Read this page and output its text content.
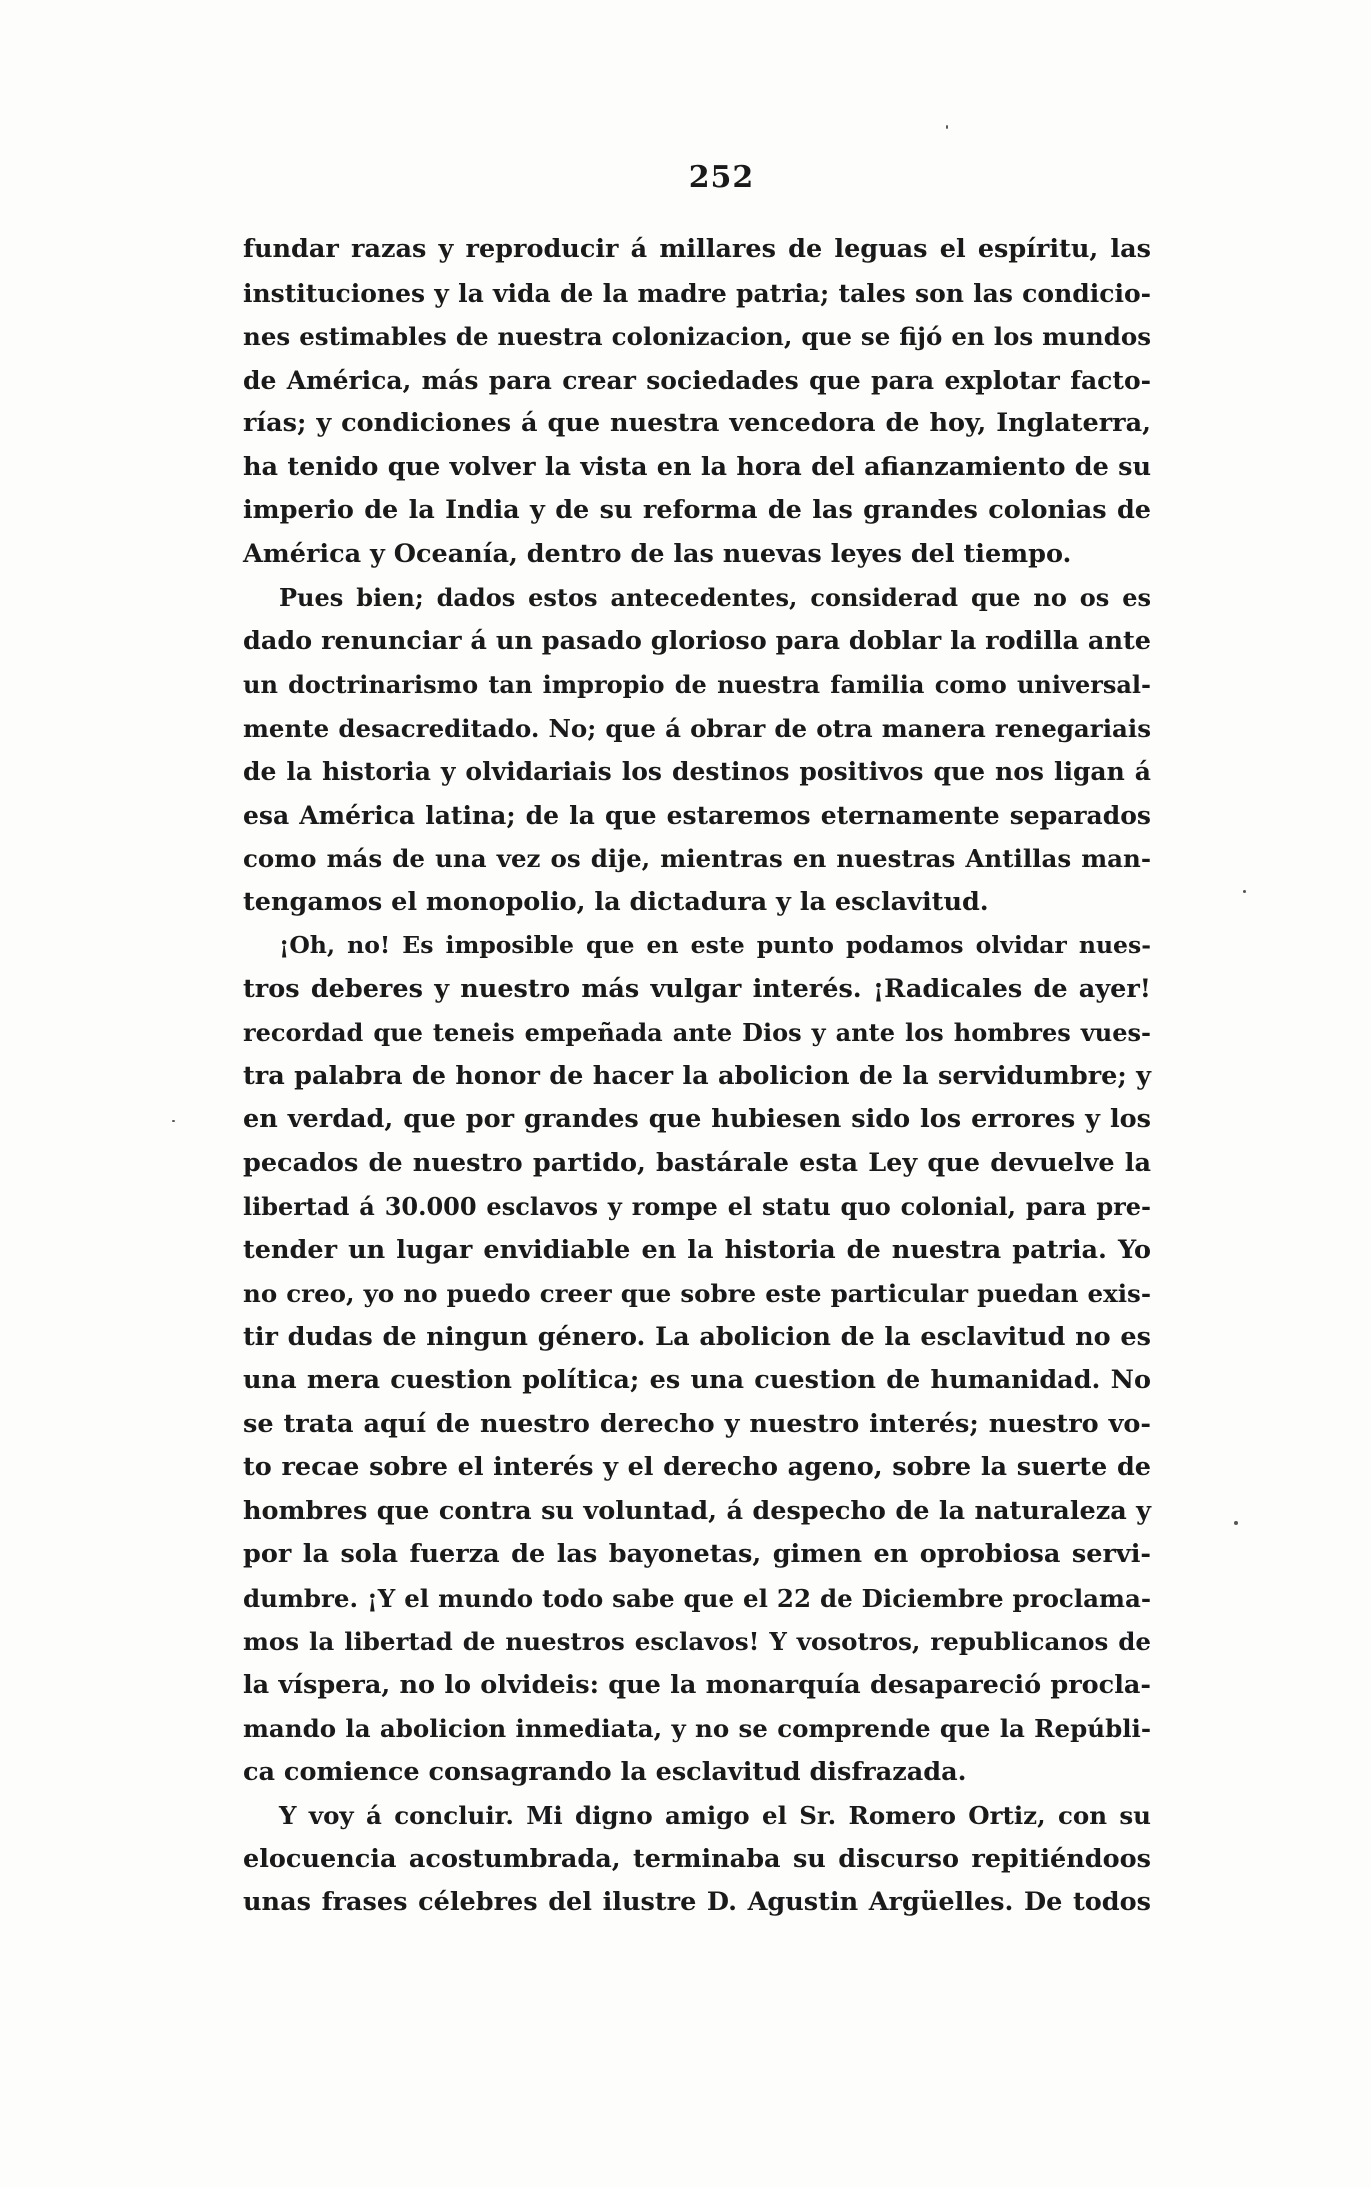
252
fundar razas y reproducir á millares de leguas el espíritu, las
instituciones y la vida de la madre patria; tales son las condicio-
nes estimables de nuestra colonizacion, que se fijó en los mundos
de América, más para crear sociedades que para explotar facto-
rías; y condiciones á que nuestra vencedora de hoy, Inglaterra,
ha tenido que volver la vista en la hora del afianzamiento de su
imperio de la India y de su reforma de las grandes colonias de
América y Oceanía, dentro de las nuevas leyes del tiempo.
Pues bien; dados estos antecedentes, considerad que no os es
dado renunciar á un pasado glorioso para doblar la rodilla ante
un doctrinarismo tan impropio de nuestra familia como universal-
mente desacreditado. No; que á obrar de otra manera renegariais
de la historia y olvidariais los destinos positivos que nos ligan á
esa América latina; de la que estaremos eternamente separados
como más de una vez os dije, mientras en nuestras Antillas man-
tengamos el monopolio, la dictadura y la esclavitud.
¡Oh, no! Es imposible que en este punto podamos olvidar nues-
tros deberes y nuestro más vulgar interés. ¡Radicales de ayer!
recordad que teneis empeñada ante Dios y ante los hombres vues-
tra palabra de honor de hacer la abolicion de la servidumbre; y
en verdad, que por grandes que hubiesen sido los errores y los
pecados de nuestro partido, bastárale esta Ley que devuelve la
libertad á 30.000 esclavos y rompe el statu quo colonial, para pre-
tender un lugar envidiable en la historia de nuestra patria. Yo
no creo, yo no puedo creer que sobre este particular puedan exis-
tir dudas de ningun género. La abolicion de la esclavitud no es
una mera cuestion política; es una cuestion de humanidad. No
se trata aquí de nuestro derecho y nuestro interés; nuestro vo-
to recae sobre el interés y el derecho ageno, sobre la suerte de
hombres que contra su voluntad, á despecho de la naturaleza y
por la sola fuerza de las bayonetas, gimen en oprobiosa servi-
dumbre. ¡Y el mundo todo sabe que el 22 de Diciembre proclama-
mos la libertad de nuestros esclavos! Y vosotros, republicanos de
la víspera, no lo olvideis: que la monarquía desapareció procla-
mando la abolicion inmediata, y no se comprende que la Repúbli-
ca comience consagrando la esclavitud disfrazada.
Y voy á concluir. Mi digno amigo el Sr. Romero Ortiz, con su
elocuencia acostumbrada, terminaba su discurso repitiéndoos
unas frases célebres del ilustre D. Agustin Argüelles. De todos
